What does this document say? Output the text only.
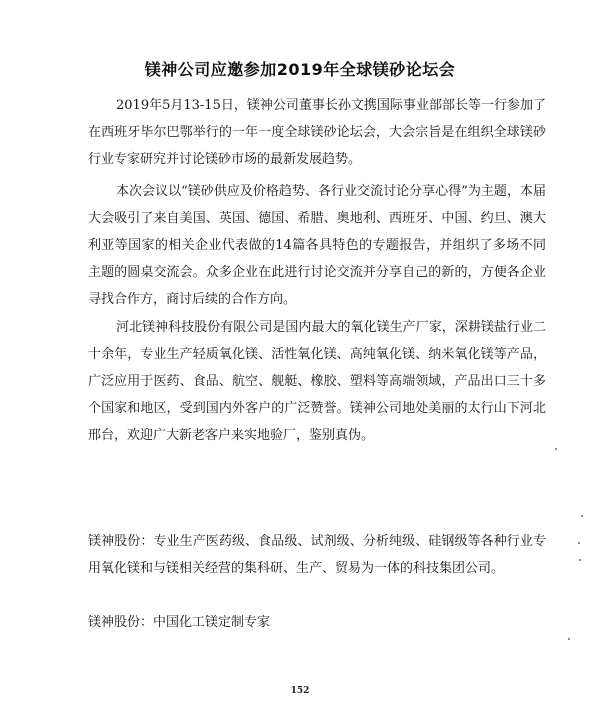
镁神公司应邀参加2019年全球镁砂论坛会

2019年5月13-15日，镁神公司董事长孙文携国际事业部部长等一行参加了在西班牙毕尔巴鄂举行的一年一度全球镁砂论坛会，大会宗旨是在组织全球镁砂行业专家研究并讨论镁砂市场的最新发展趋势。

本次会议以“镁砂供应及价格趋势、各行业交流讨论分享心得”为主题，本届大会吸引了来自美国、英国、德国、希腊、奥地利、西班牙、中国、约旦、澳大利亚等国家的相关企业代表做的14篇各具特色的专题报告，并组织了多场不同主题的圆桌交流会。众多企业在此进行讨论交流并分享自己的新的，方便各企业寻找合作方，商讨后续的合作方向。

河北镁神科技股份有限公司是国内最大的氧化镁生产厂家，深耕镁盐行业二十余年，专业生产轻质氧化镁、活性氧化镁、高纯氧化镁、纳米氧化镁等产品，广泛应用于医药、食品、航空、舰艇、橡胶、塑料等高端领域，产品出口三十多个国家和地区，受到国内外客户的广泛赞誉。镁神公司地处美丽的太行山下河北邢台，欢迎广大新老客户来实地验厂，鉴别真伪。

镁神股份：专业生产医药级、食品级、试剂级、分析纯级、硅钢级等各种行业专用氧化镁和与镁相关经营的集科研、生产、贸易为一体的科技集团公司。

镁神股份：中国化工镁定制专家

152
